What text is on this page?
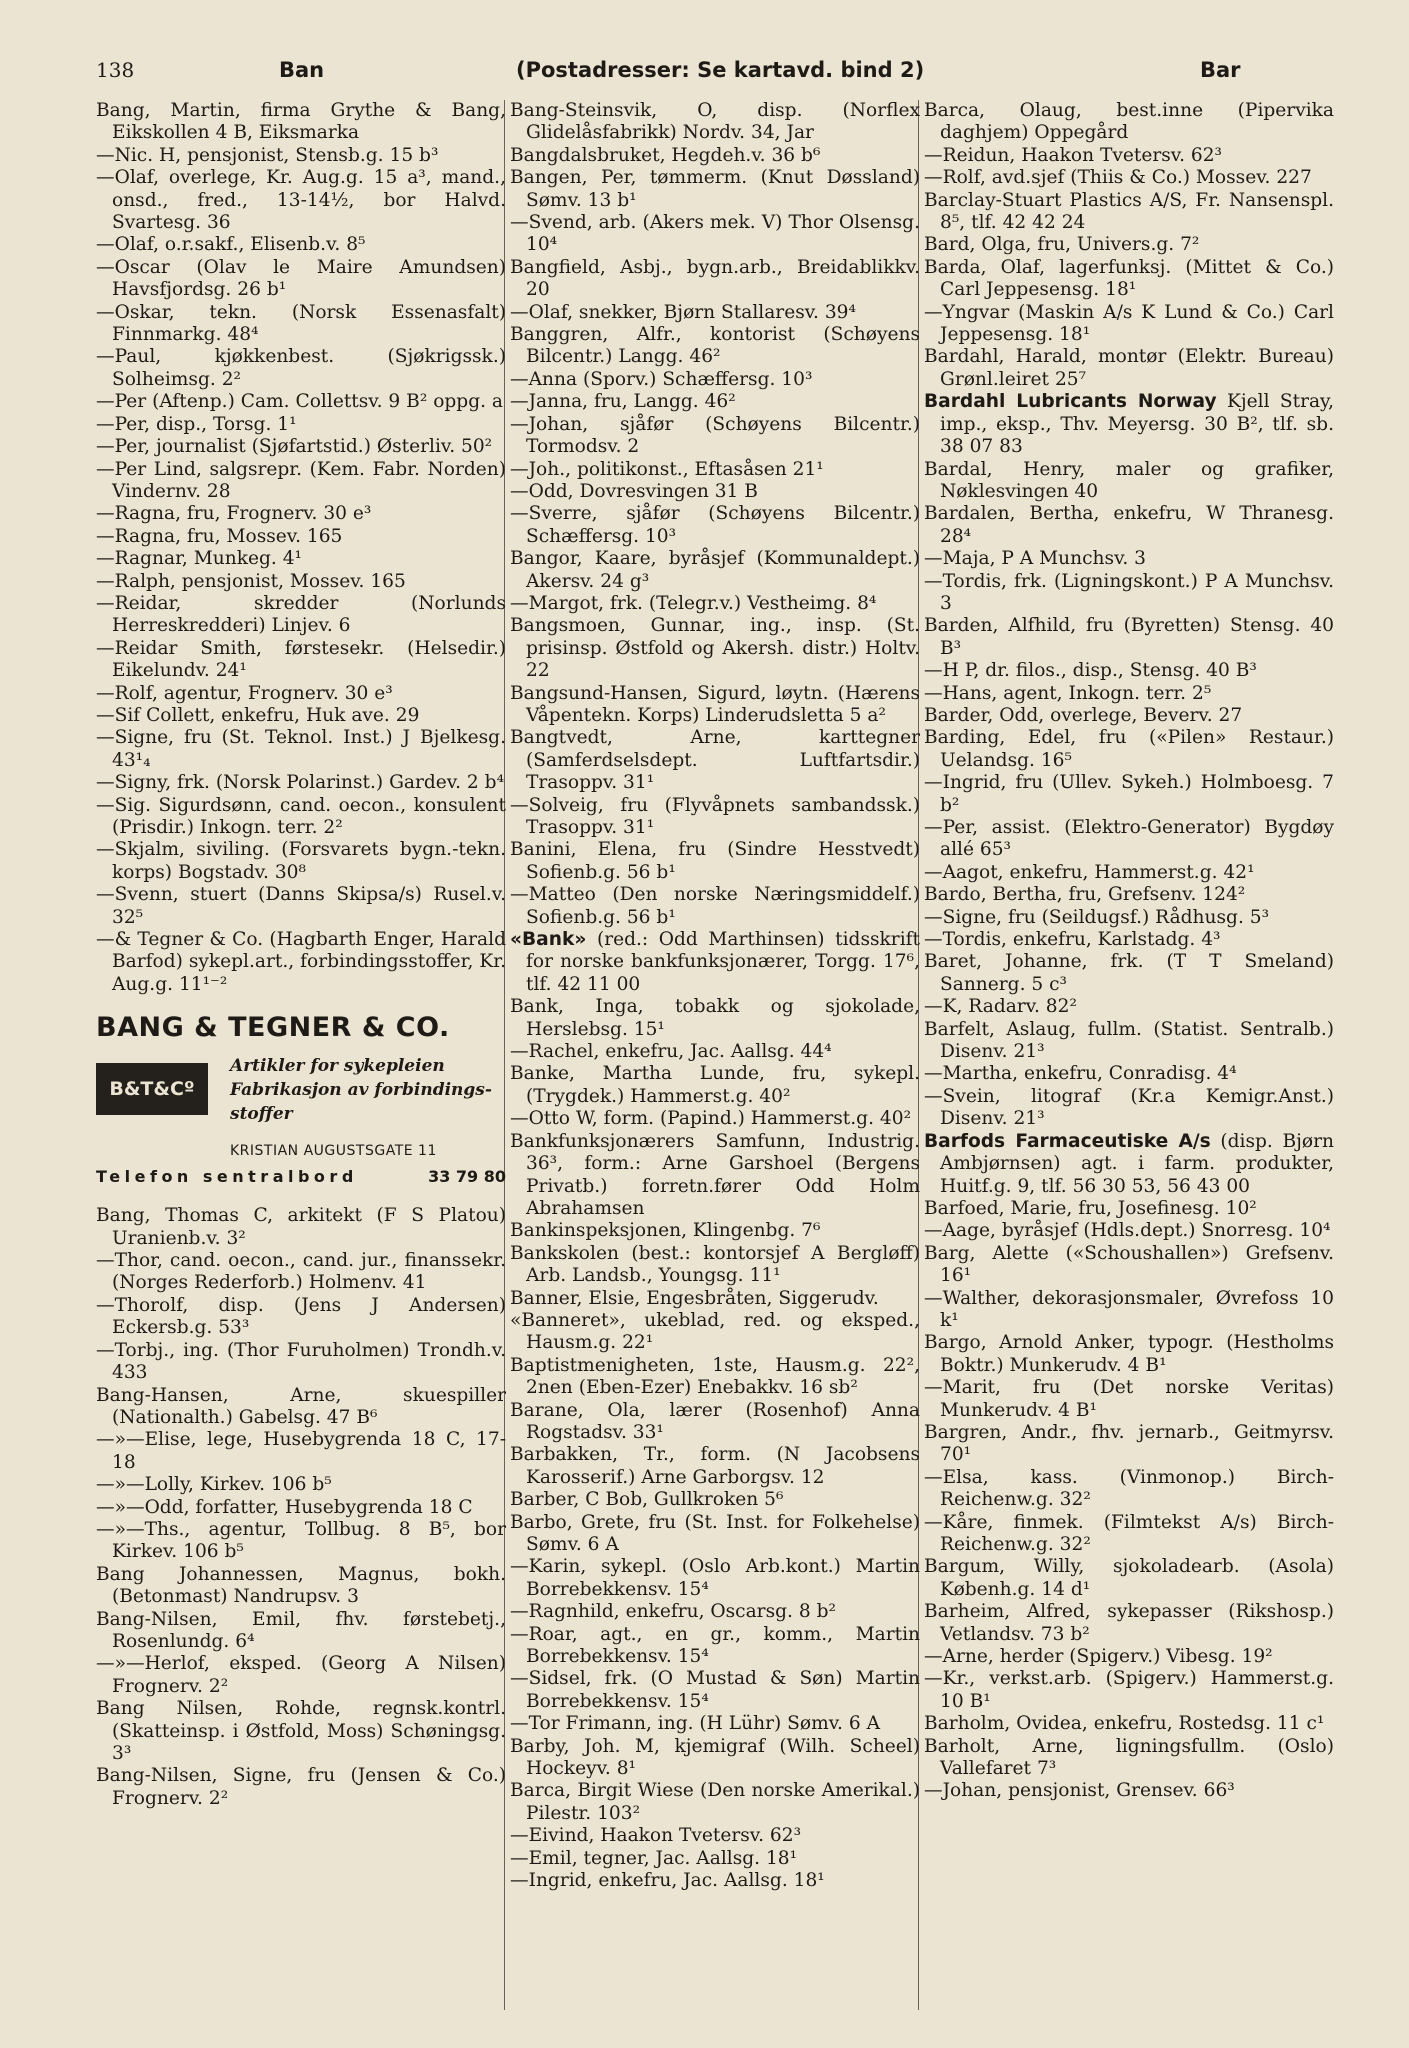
138	Ban	(Postadresser: Se kartavd. bind 2)	Bar

Bang, Martin, firma Grythe & Bang, Eikskollen 4 B, Eiksmarka

—Nic. H, pensjonist, Stensb.g. 15 b³

—Olaf, overlege, Kr. Aug.g. 15 a³, mand., onsd., fred., 13-14½, bor Halvd. Svartesg. 36

—Olaf, o.r.sakf., Elisenb.v. 8⁵

—Oscar (Olav le Maire Amundsen) Havsfjordsg. 26 b¹

—Oskar, tekn. (Norsk Essenasfalt) Finnmarkg. 48⁴

—Paul, kjøkkenbest. (Sjøkrigssk.) Solheimsg. 2²

—Per (Aftenp.) Cam. Collettsv. 9 B² oppg. a

—Per, disp., Torsg. 1¹

—Per, journalist (Sjøfartstid.) Østerliv. 50²

—Per Lind, salgsrepr. (Kem. Fabr. Norden) Vindernv. 28

—Ragna, fru, Frognerv. 30 e³

—Ragna, fru, Mossev. 165

—Ragnar, Munkeg. 4¹

—Ralph, pensjonist, Mossev. 165

—Reidar, skredder (Norlunds Herreskredderi) Linjev. 6

—Reidar Smith, førstesekr. (Helsedir.) Eikelundv. 24¹

—Rolf, agentur, Frognerv. 30 e³

—Sif Collett, enkefru, Huk ave. 29

—Signe, fru (St. Teknol. Inst.) J Bjelkesg. 43¹₄

—Signy, frk. (Norsk Polarinst.) Gardev. 2 b⁴

—Sig. Sigurdsønn, cand. oecon., konsulent (Prisdir.) Inkogn. terr. 2²

—Skjalm, siviling. (Forsvarets bygn.-tekn. korps) Bogstadv. 30⁸

—Svenn, stuert (Danns Skipsa/s) Rusel.v. 32⁵

—& Tegner & Co. (Hagbarth Enger, Harald Barfod) sykepl.art., forbindingsstoffer, Kr. Aug.g. 11¹⁻²

BANG & TEGNER & CO.
B&T&Cº
Artikler for sykepleien
Fabrikasjon av forbindings-
stoffer
KRISTIAN AUGUSTSGATE 11
Telefon sentralbord	33 79 80

Bang, Thomas C, arkitekt (F S Platou) Uranienb.v. 3²

—Thor, cand. oecon., cand. jur., finanssekr. (Norges Rederforb.) Holmenv. 41

—Thorolf, disp. (Jens J Andersen) Eckersb.g. 53³

—Torbj., ing. (Thor Furuholmen) Trondh.v. 433

Bang-Hansen, Arne, skuespiller (Nationalth.) Gabelsg. 47 B⁶

—»—Elise, lege, Husebygrenda 18 C, 17-18

—»—Lolly, Kirkev. 106 b⁵

—»—Odd, forfatter, Husebygrenda 18 C

—»—Ths., agentur, Tollbug. 8 B⁵, bor Kirkev. 106 b⁵

Bang Johannessen, Magnus, bokh. (Betonmast) Nandrupsv. 3

Bang-Nilsen, Emil, fhv. førstebetj., Rosenlundg. 6⁴

—»—Herlof, eksped. (Georg A Nilsen) Frognerv. 2²

Bang Nilsen, Rohde, regnsk.kontrl. (Skatteinsp. i Østfold, Moss) Schøningsg. 3³

Bang-Nilsen, Signe, fru (Jensen & Co.) Frognerv. 2²

Bang-Steinsvik, O, disp. (Norflex Glidelåsfabrikk) Nordv. 34, Jar

Bangdalsbruket, Hegdeh.v. 36 b⁶

Bangen, Per, tømmerm. (Knut Døssland) Sømv. 13 b¹

—Svend, arb. (Akers mek. V) Thor Olsensg. 10⁴

Bangfield, Asbj., bygn.arb., Breidablikkv. 20

—Olaf, snekker, Bjørn Stallaresv. 39⁴

Banggren, Alfr., kontorist (Schøyens Bilcentr.) Langg. 46²

—Anna (Sporv.) Schæffersg. 10³

—Janna, fru, Langg. 46²

—Johan, sjåfør (Schøyens Bilcentr.) Tormodsv. 2

—Joh., politikonst., Eftasåsen 21¹

—Odd, Dovresvingen 31 B

—Sverre, sjåfør (Schøyens Bilcentr.) Schæffersg. 10³

Bangor, Kaare, byråsjef (Kommunaldept.) Akersv. 24 g³

—Margot, frk. (Telegr.v.) Vestheimg. 8⁴

Bangsmoen, Gunnar, ing., insp. (St. prisinsp. Østfold og Akersh. distr.) Holtv. 22

Bangsund-Hansen, Sigurd, løytn. (Hærens Våpentekn. Korps) Linderudsletta 5 a²

Bangtvedt, Arne, karttegner (Samferdselsdept. Luftfartsdir.) Trasoppv. 31¹

—Solveig, fru (Flyvåpnets sambandssk.) Trasoppv. 31¹

Banini, Elena, fru (Sindre Hesstvedt) Sofienb.g. 56 b¹

—Matteo (Den norske Næringsmiddelf.) Sofienb.g. 56 b¹

«Bank» (red.: Odd Marthinsen) tidsskrift for norske bankfunksjonærer, Torgg. 17⁶, tlf. 42 11 00

Bank, Inga, tobakk og sjokolade, Herslebsg. 15¹

—Rachel, enkefru, Jac. Aallsg. 44⁴

Banke, Martha Lunde, fru, sykepl. (Trygdek.) Hammerst.g. 40²

—Otto W, form. (Papind.) Hammerst.g. 40²

Bankfunksjonærers Samfunn, Industrig. 36³, form.: Arne Garshoel (Bergens Privatb.) forretn.fører Odd Holm Abrahamsen

Bankinspeksjonen, Klingenbg. 7⁶

Bankskolen (best.: kontorsjef A Bergløff) Arb. Landsb., Youngsg. 11¹

Banner, Elsie, Engesbråten, Siggerudv.

«Banneret», ukeblad, red. og eksped., Hausm.g. 22¹

Baptistmenigheten, 1ste, Hausm.g. 22², 2nen (Eben-Ezer) Enebakkv. 16 sb²

Barane, Ola, lærer (Rosenhof) Anna Rogstadsv. 33¹

Barbakken, Tr., form. (N Jacobsens Karosserif.) Arne Garborgsv. 12

Barber, C Bob, Gullkroken 5⁶

Barbo, Grete, fru (St. Inst. for Folkehelse) Sømv. 6 A

—Karin, sykepl. (Oslo Arb.kont.) Martin Borrebekkensv. 15⁴

—Ragnhild, enkefru, Oscarsg. 8 b²

—Roar, agt., en gr., komm., Martin Borrebekkensv. 15⁴

—Sidsel, frk. (O Mustad & Søn) Martin Borrebekkensv. 15⁴

—Tor Frimann, ing. (H Lühr) Sømv. 6 A

Barby, Joh. M, kjemigraf (Wilh. Scheel) Hockeyv. 8¹

Barca, Birgit Wiese (Den norske Amerikal.) Pilestr. 103²

—Eivind, Haakon Tvetersv. 62³

—Emil, tegner, Jac. Aallsg. 18¹

—Ingrid, enkefru, Jac. Aallsg. 18¹

Barca, Olaug, best.inne (Pipervika daghjem) Oppegård

—Reidun, Haakon Tvetersv. 62³

—Rolf, avd.sjef (Thiis & Co.) Mossev. 227

Barclay-Stuart Plastics A/S, Fr. Nansenspl. 8⁵, tlf. 42 42 24

Bard, Olga, fru, Univers.g. 7²

Barda, Olaf, lagerfunksj. (Mittet & Co.) Carl Jeppesensg. 18¹

—Yngvar (Maskin A/s K Lund & Co.) Carl Jeppesensg. 18¹

Bardahl, Harald, montør (Elektr. Bureau) Grønl.leiret 25⁷

Bardahl Lubricants Norway Kjell Stray, imp., eksp., Thv. Meyersg. 30 B², tlf. sb. 38 07 83

Bardal, Henry, maler og grafiker, Nøklesvingen 40

Bardalen, Bertha, enkefru, W Thranesg. 28⁴

—Maja, P A Munchsv. 3

—Tordis, frk. (Ligningskont.) P A Munchsv. 3

Barden, Alfhild, fru (Byretten) Stensg. 40 B³

—H P, dr. filos., disp., Stensg. 40 B³

—Hans, agent, Inkogn. terr. 2⁵

Barder, Odd, overlege, Beverv. 27

Barding, Edel, fru («Pilen» Restaur.) Uelandsg. 16⁵

—Ingrid, fru (Ullev. Sykeh.) Holmboesg. 7 b²

—Per, assist. (Elektro-Generator) Bygdøy allé 65³

—Aagot, enkefru, Hammerst.g. 42¹

Bardo, Bertha, fru, Grefsenv. 124²

—Signe, fru (Seildugsf.) Rådhusg. 5³

—Tordis, enkefru, Karlstadg. 4³

Baret, Johanne, frk. (T T Smeland) Sannerg. 5 c³

—K, Radarv. 82²

Barfelt, Aslaug, fullm. (Statist. Sentralb.) Disenv. 21³

—Martha, enkefru, Conradisg. 4⁴

—Svein, litograf (Kr.a Kemigr.Anst.) Disenv. 21³

Barfods Farmaceutiske A/s (disp. Bjørn Ambjørnsen) agt. i farm. produkter, Huitf.g. 9, tlf. 56 30 53, 56 43 00

Barfoed, Marie, fru, Josefinesg. 10²

—Aage, byråsjef (Hdls.dept.) Snorresg. 10⁴

Barg, Alette («Schoushallen») Grefsenv. 16¹

—Walther, dekorasjonsmaler, Øvrefoss 10 k¹

Bargo, Arnold Anker, typogr. (Hestholms Boktr.) Munkerudv. 4 B¹

—Marit, fru (Det norske Veritas) Munkerudv. 4 B¹

Bargren, Andr., fhv. jernarb., Geitmyrsv. 70¹

—Elsa, kass. (Vinmonop.) Birch-Reichenw.g. 32²

—Kåre, finmek. (Filmtekst A/s) Birch-Reichenw.g. 32²

Bargum, Willy, sjokoladearb. (Asola) Københ.g. 14 d¹

Barheim, Alfred, sykepasser (Rikshosp.) Vetlandsv. 73 b²

—Arne, herder (Spigerv.) Vibesg. 19²

—Kr., verkst.arb. (Spigerv.) Hammerst.g. 10 B¹

Barholm, Ovidea, enkefru, Rostedsg. 11 c¹

Barholt, Arne, ligningsfullm. (Oslo) Vallefaret 7³

—Johan, pensjonist, Grensev. 66³
